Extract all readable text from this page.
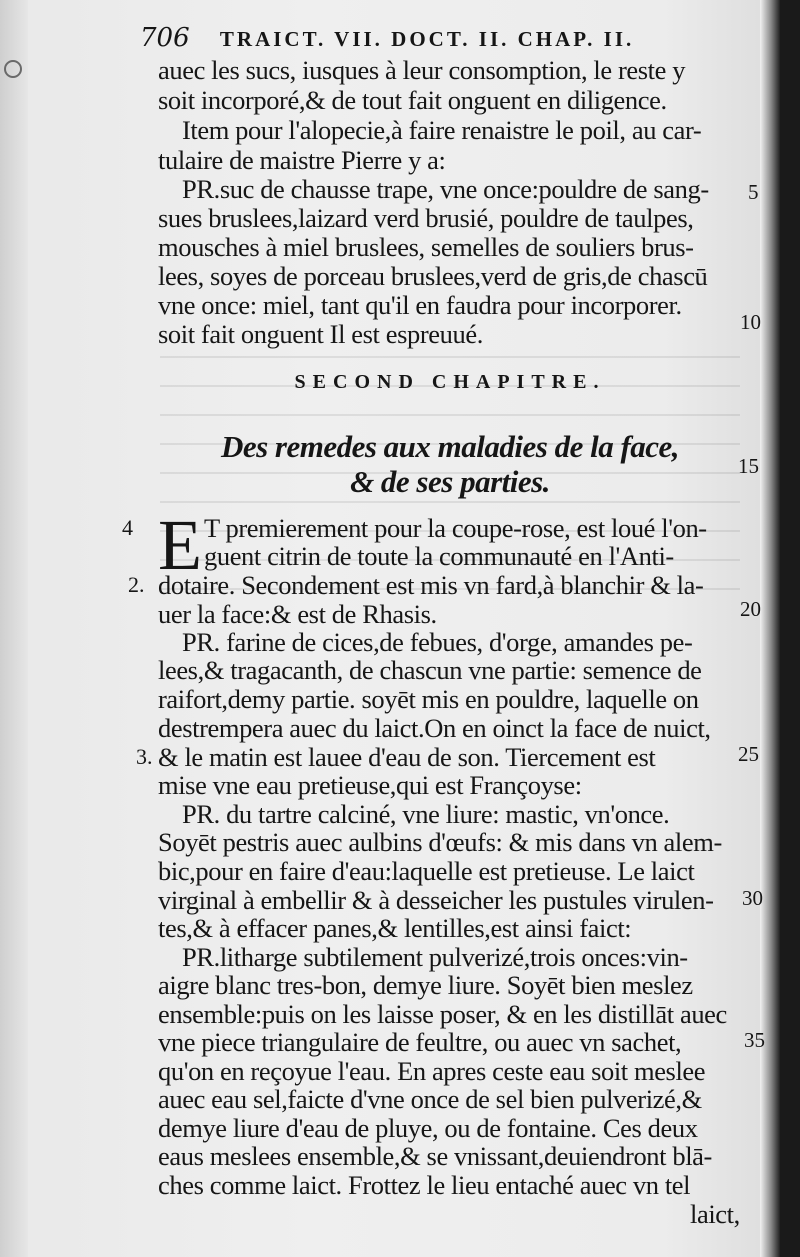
706 TRAICT. VII. DOCT. II. CHAP. II.
auec les sucs, iusques à leur consomption, le reste y
soit incorporé,& de tout fait onguent en diligence.
Item pour l'alopecie,à faire renaistre le poil, au car-
tulaire de maistre Pierre y a:
PR.suc de chausse trape, vne once:pouldre de sang-
sues bruslees,laizard verd brusié, pouldre de taulpes,
mousches à miel bruslees, semelles de souliers brus-
lees, soyes de porceau bruslees,verd de gris,de chascū
vne once: miel, tant qu'il en faudra pour incorporer.
soit fait onguent Il est espreuué.
SECOND CHAPITRE.
Des remedes aux maladies de la face,
& de ses parties.
E T premierement pour la coupe-rose, est loué l'on-
guent citrin de toute la communauté en l'Anti-
dotaire. Secondement est mis vn fard,à blanchir & la-
uer la face:& est de Rhasis.
PR. farine de cices,de febues, d'orge, amandes pe-
lees,& tragacanth, de chascun vne partie: semence de
raifort,demy partie. soyēt mis en pouldre, laquelle on
destrempera auec du laict.On en oinct la face de nuict,
& le matin est lauee d'eau de son. Tiercement est
mise vne eau pretieuse,qui est Françoyse:
PR. du tartre calciné, vne liure: mastic, vn'once.
Soyēt pestris auec aulbins d'œufs: & mis dans vn alem-
bic,pour en faire d'eau:laquelle est pretieuse. Le laict
virginal à embellir & à desseicher les pustules virulen-
tes,& à effacer panes,& lentilles,est ainsi faict:
PR.litharge subtilement pulverizé,trois onces:vin-
aigre blanc tres-bon, demye liure. Soyēt bien meslez
ensemble:puis on les laisse poser, & en les distillāt auec
vne piece triangulaire de feultre, ou auec vn sachet,
qu'on en reçoyue l'eau. En apres ceste eau soit meslee
auec eau sel,faicte d'vne once de sel bien pulverizé,&
demye liure d'eau de pluye, ou de fontaine. Ces deux
eaus meslees ensemble,& se vnissant,deuiendront blā-
ches comme laict. Frottez le lieu entaché auec vn tel
laict,
5
10
15
20
25
30
35
4
2.
3.
